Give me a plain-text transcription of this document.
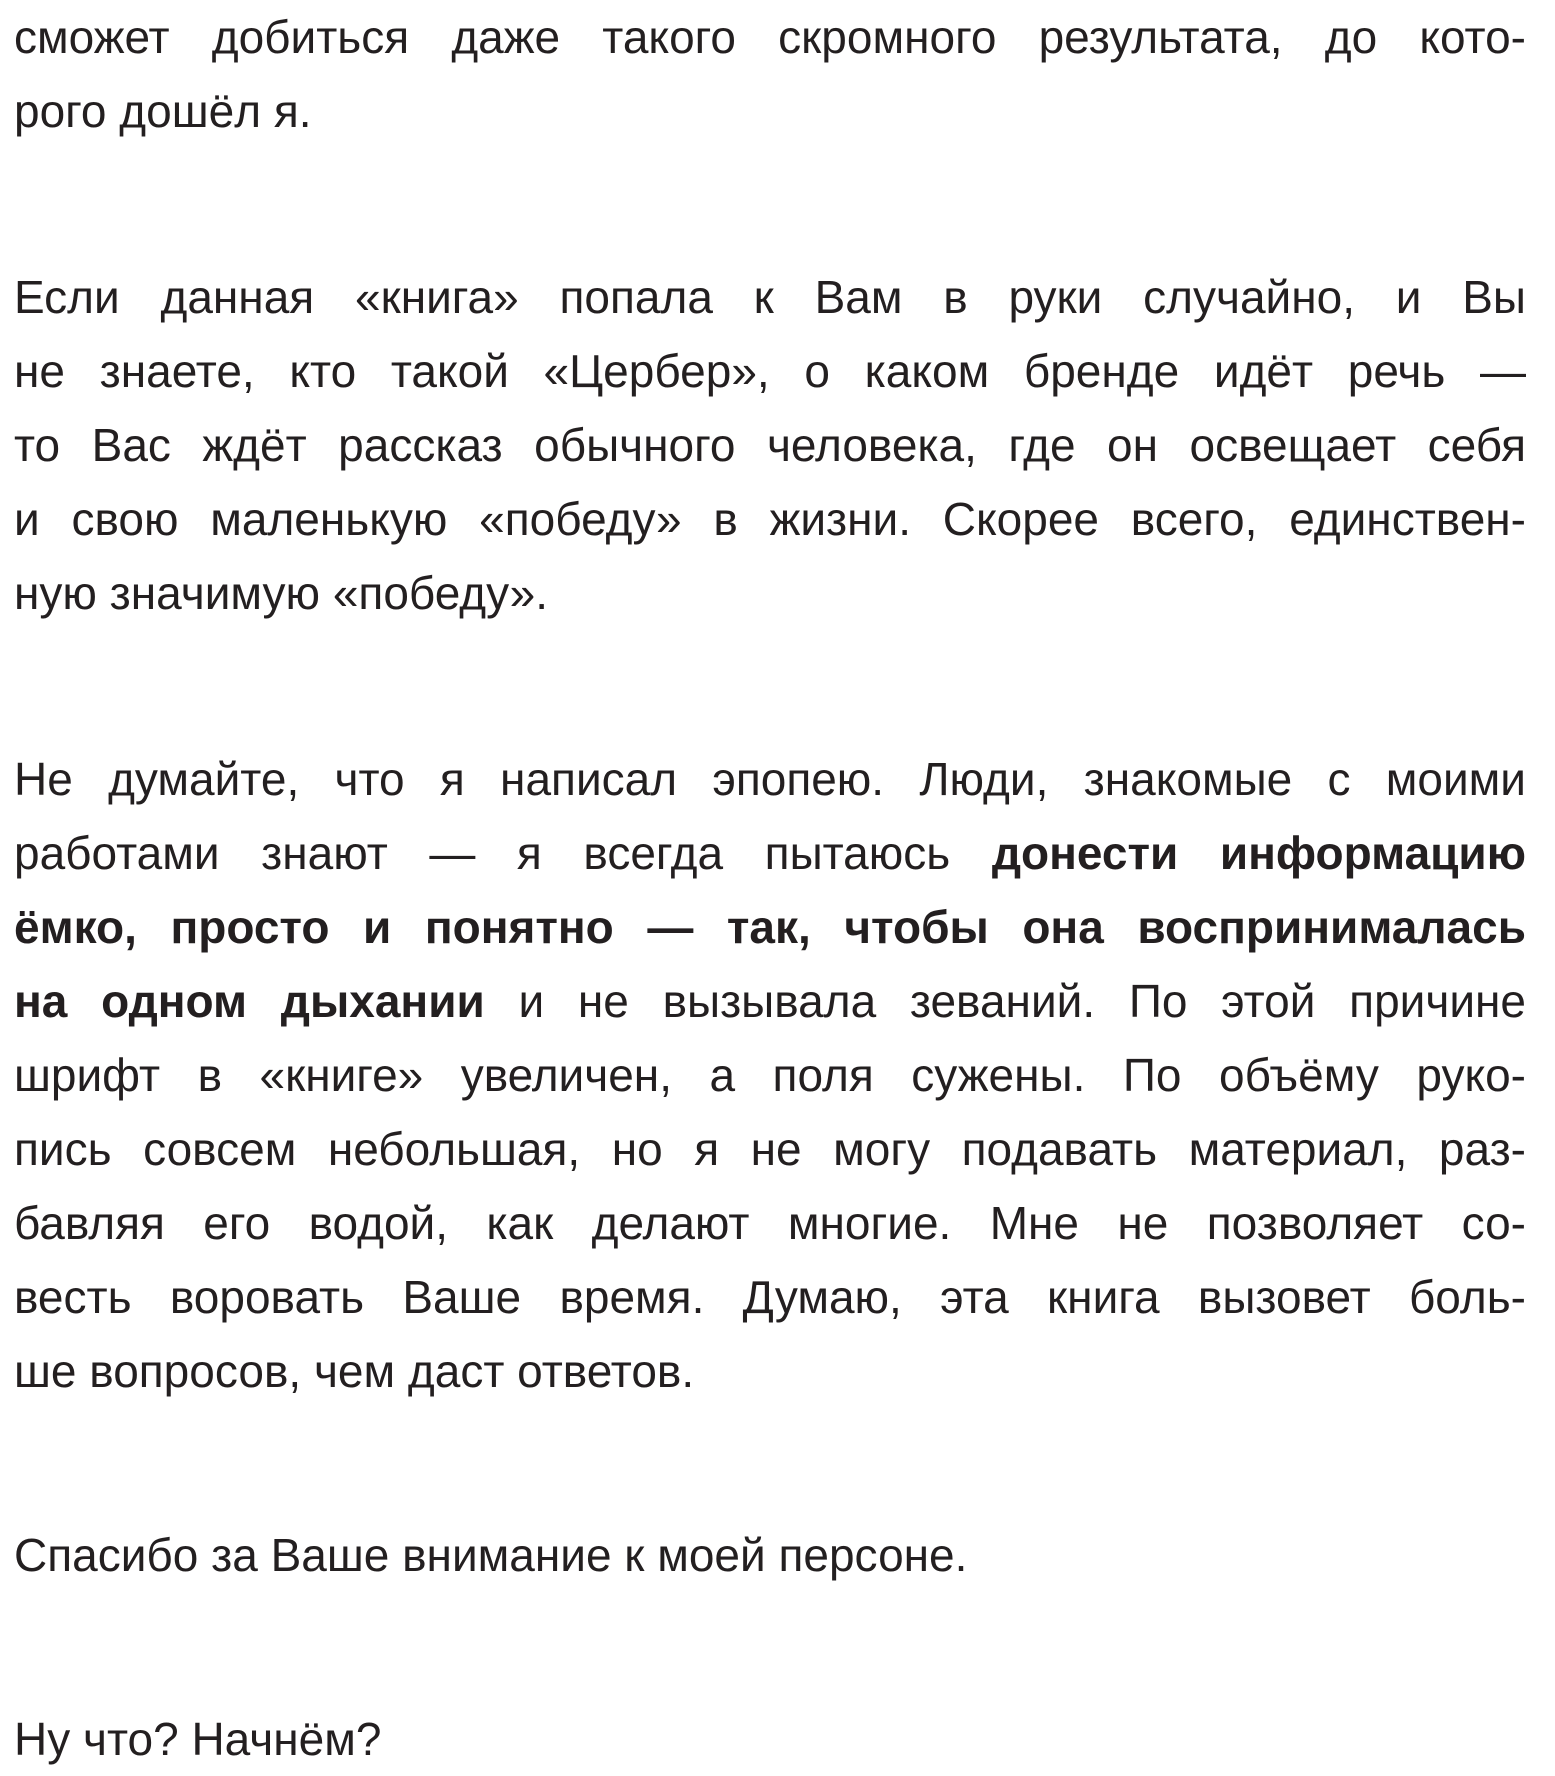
сможет добиться даже такого скромного результата, до кото-
рого дошёл я.
Если данная «книга» попала к Вам в руки случайно, и Вы
не знаете, кто такой «Цербер», о каком бренде идёт речь —
то Вас ждёт рассказ обычного человека, где он освещает себя
и свою маленькую «победу» в жизни. Скорее всего, единствен-
ную значимую «победу».
Не думайте, что я написал эпопею. Люди, знакомые с моими
работами знают — я всегда пытаюсь донести информацию
ёмко, просто и понятно — так, чтобы она воспринималась
на одном дыхании и не вызывала зеваний. По этой причине
шрифт в «книге» увеличен, а поля сужены. По объёму руко-
пись совсем небольшая, но я не могу подавать материал, раз-
бавляя его водой, как делают многие. Мне не позволяет со-
весть воровать Ваше время. Думаю, эта книга вызовет боль-
ше вопросов, чем даст ответов.
Спасибо за Ваше внимание к моей персоне.
Ну что? Начнём?
